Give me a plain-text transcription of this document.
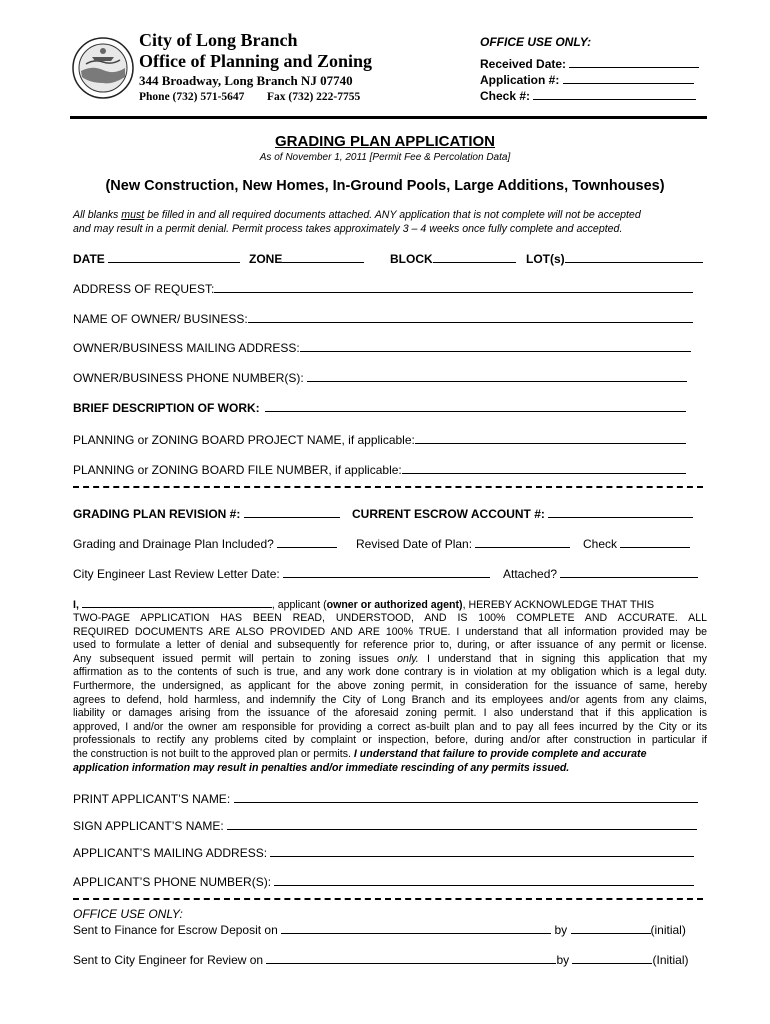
City of Long Branch
Office of Planning and Zoning
344 Broadway, Long Branch NJ 07740
Phone (732) 571-5647 Fax (732) 222-7755
OFFICE USE ONLY:
Received Date:
Application #:
Check #:
GRADING PLAN APPLICATION
As of November 1, 2011 [Permit Fee & Percolation Data]
(New Construction, New Homes, In-Ground Pools, Large Additions, Townhouses)
All blanks must be filled in and all required documents attached. ANY application that is not complete will not be accepted
and may result in a permit denial. Permit process takes approximately 3 – 4 weeks once fully complete and accepted.
DATE	ZONE	BLOCK	LOT(s)
ADDRESS OF REQUEST:
NAME OF OWNER/ BUSINESS:
OWNER/BUSINESS MAILING ADDRESS:
OWNER/BUSINESS PHONE NUMBER(S):
BRIEF DESCRIPTION OF WORK:
PLANNING or ZONING BOARD PROJECT NAME, if applicable:
PLANNING or ZONING BOARD FILE NUMBER, if applicable:
GRADING PLAN REVISION #:	CURRENT ESCROW ACCOUNT #:
Grading and Drainage Plan Included?	Revised Date of Plan:	Check
City Engineer Last Review Letter Date:	Attached?
I,	, applicant (owner or authorized agent), HEREBY ACKNOWLEDGE THAT THIS
TWO-PAGE APPLICATION HAS BEEN READ, UNDERSTOOD, AND IS 100% COMPLETE AND ACCURATE. ALL
REQUIRED DOCUMENTS ARE ALSO PROVIDED AND ARE 100% TRUE. I understand that all information provided may be
used to formulate a letter of denial and subsequently for reference prior to, during, or after issuance of any permit or license.
Any subsequent issued permit will pertain to zoning issues only. I understand that in signing this application that my
affirmation as to the contents of such is true, and any work done contrary is in violation at my obligation which is a legal duty.
Furthermore, the undersigned, as applicant for the above zoning permit, in consideration for the issuance of same, hereby
agrees to defend, hold harmless, and indemnify the City of Long Branch and its employees and/or agents from any claims,
liability or damages arising from the issuance of the aforesaid zoning permit. I also understand that if this application is
approved, I and/or the owner am responsible for providing a correct as-built plan and to pay all fees incurred by the City or its
professionals to rectify any problems cited by complaint or inspection, before, during and/or after construction in particular if
the construction is not built to the approved plan or permits. I understand that failure to provide complete and accurate
application information may result in penalties and/or immediate rescinding of any permits issued.
PRINT APPLICANT’S NAME:
SIGN APPLICANT’S NAME:
APPLICANT’S MAILING ADDRESS:
APPLICANT’S PHONE NUMBER(S):
OFFICE USE ONLY:
Sent to Finance for Escrow Deposit on	by	(initial)
Sent to City Engineer for Review on	by	(Initial)
